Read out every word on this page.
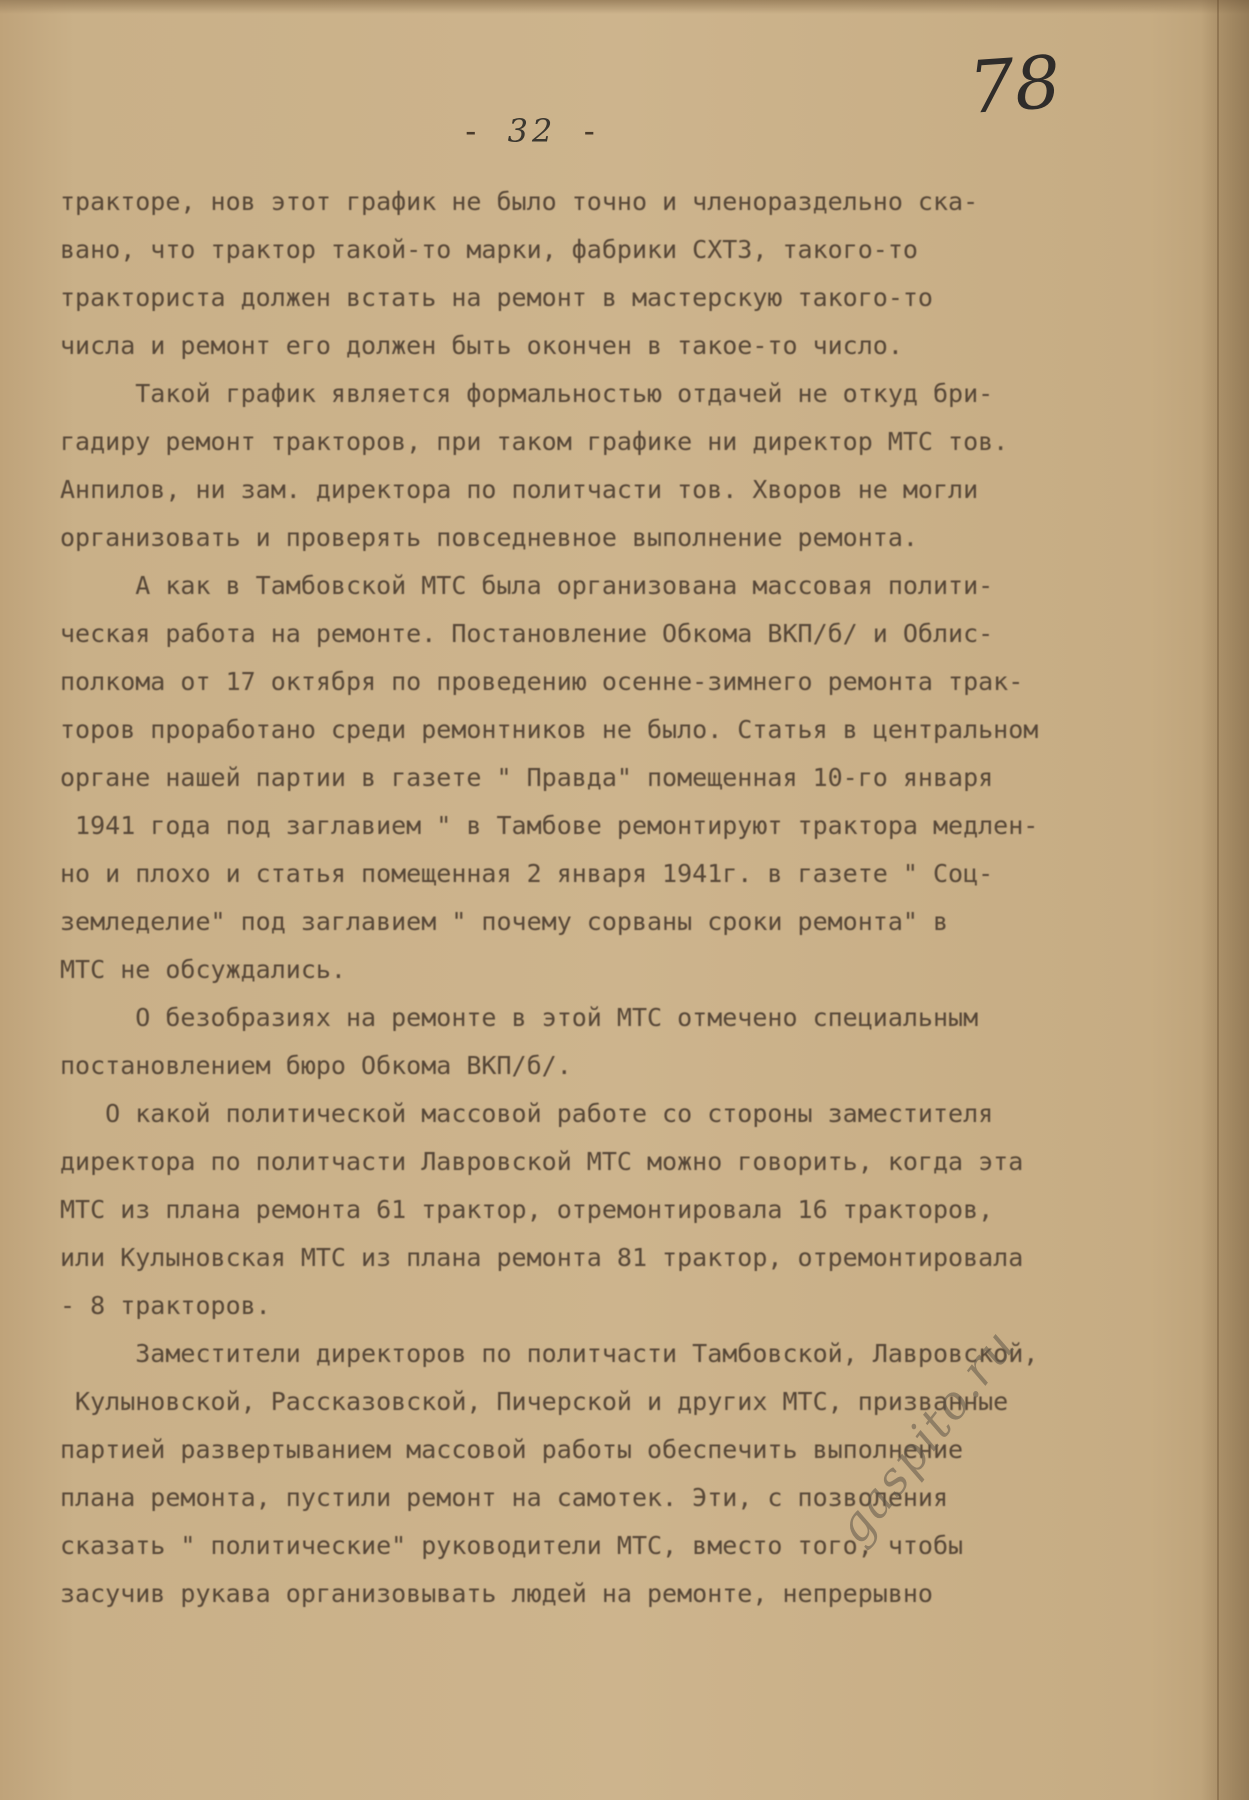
- 32 -
78
тракторе, нов этот график не было точно и членораздельно ска-
вано, что трактор такой-то марки, фабрики СХТЗ, такого-то
тракториста должен встать на ремонт в мастерскую такого-то
числа и ремонт его должен быть окончен в такое-то число.
Такой график является формальностью отдачей не откуд бри-
гадиру ремонт тракторов, при таком графике ни директор МТС тов.
Анпилов, ни зам. директора по политчасти тов. Хворов не могли
организовать и проверять повседневное выполнение ремонта.
А как в Тамбовской МТС была организована массовая полити-
ческая работа на ремонте. Постановление Обкома ВКП/б/ и Облис-
полкома от 17 октября по проведению осенне-зимнего ремонта трак-
торов проработано среди ремонтников не было. Статья в центральном
органе нашей партии в газете " Правда" помещенная 10-го января
1941 года под заглавием " в Тамбове ремонтируют трактора медлен-
но и плохо и статья помещенная 2 января 1941г. в газете " Соц-
земледелие" под заглавием " почему сорваны сроки ремонта" в
МТС не обсуждались.
О безобразиях на ремонте в этой МТС отмечено специальным
постановлением бюро Обкома ВКП/б/.
О какой политической массовой работе со стороны заместителя
директора по политчасти Лавровской МТС можно говорить, когда эта
МТС из плана ремонта 61 трактор, отремонтировала 16 тракторов,
или Кулыновская МТС из плана ремонта 81 трактор, отремонтировала
- 8 тракторов.
Заместители директоров по политчасти Тамбовской, Лавровской,
Кулыновской, Рассказовской, Пичерской и других МТС, призванные
партией развертыванием массовой работы обеспечить выполнение
плана ремонта, пустили ремонт на самотек. Эти, с позволения
сказать " политические" руководители МТС, вместо того, чтобы
засучив рукава организовывать людей на ремонте, непрерывно
gaspito.ru
